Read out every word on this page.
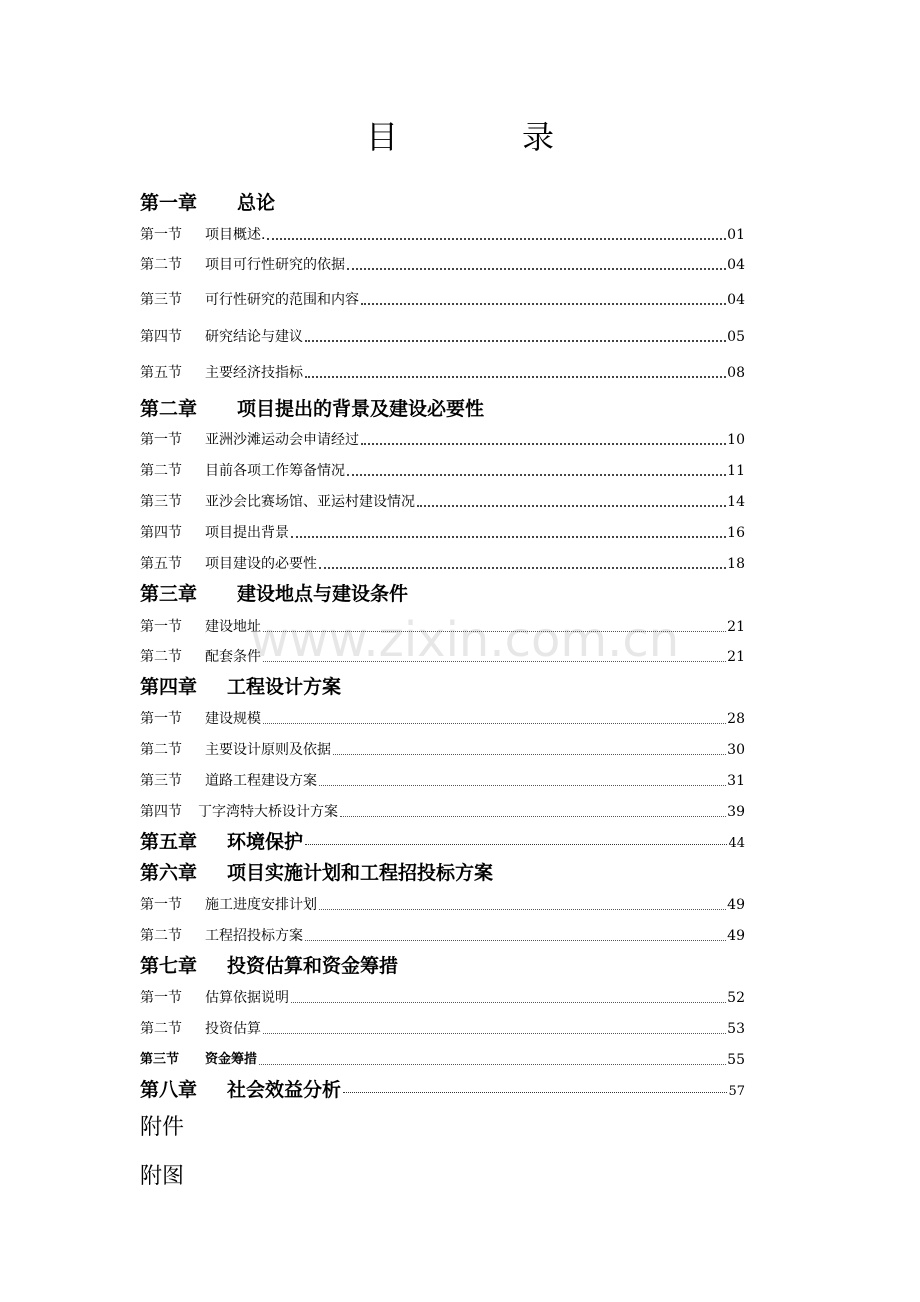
目　录
www.zixin.com.cn
第一章	总论
第一节	项目概述.	01
第二节	项目可行性研究的依据	04
第三节	可行性研究的范围和内容	04
第四节	研究结论与建议	05
第五节	主要经济技指标	08
第二章	项目提出的背景及建设必要性
第一节	亚洲沙滩运动会申请经过	10
第二节	目前各项工作筹备情况	11
第三节	亚沙会比赛场馆、亚运村建设情况	14
第四节	项目提出背景	16
第五节	项目建设的必要性	18
第三章	建设地点与建设条件
第一节	建设地址	21
第二节	配套条件	21
第四章	工程设计方案
第一节	建设规模	28
第二节	主要设计原则及依据	30
第三节	道路工程建设方案	31
第四节	丁字湾特大桥设计方案	39
第五章	环境保护	44
第六章	项目实施计划和工程招投标方案
第一节	施工进度安排计划	49
第二节	工程招投标方案	49
第七章	投资估算和资金筹措
第一节	估算依据说明	52
第二节	投资估算	53
第三节	资金筹措	55
第八章	社会效益分析	57
附件
附图
